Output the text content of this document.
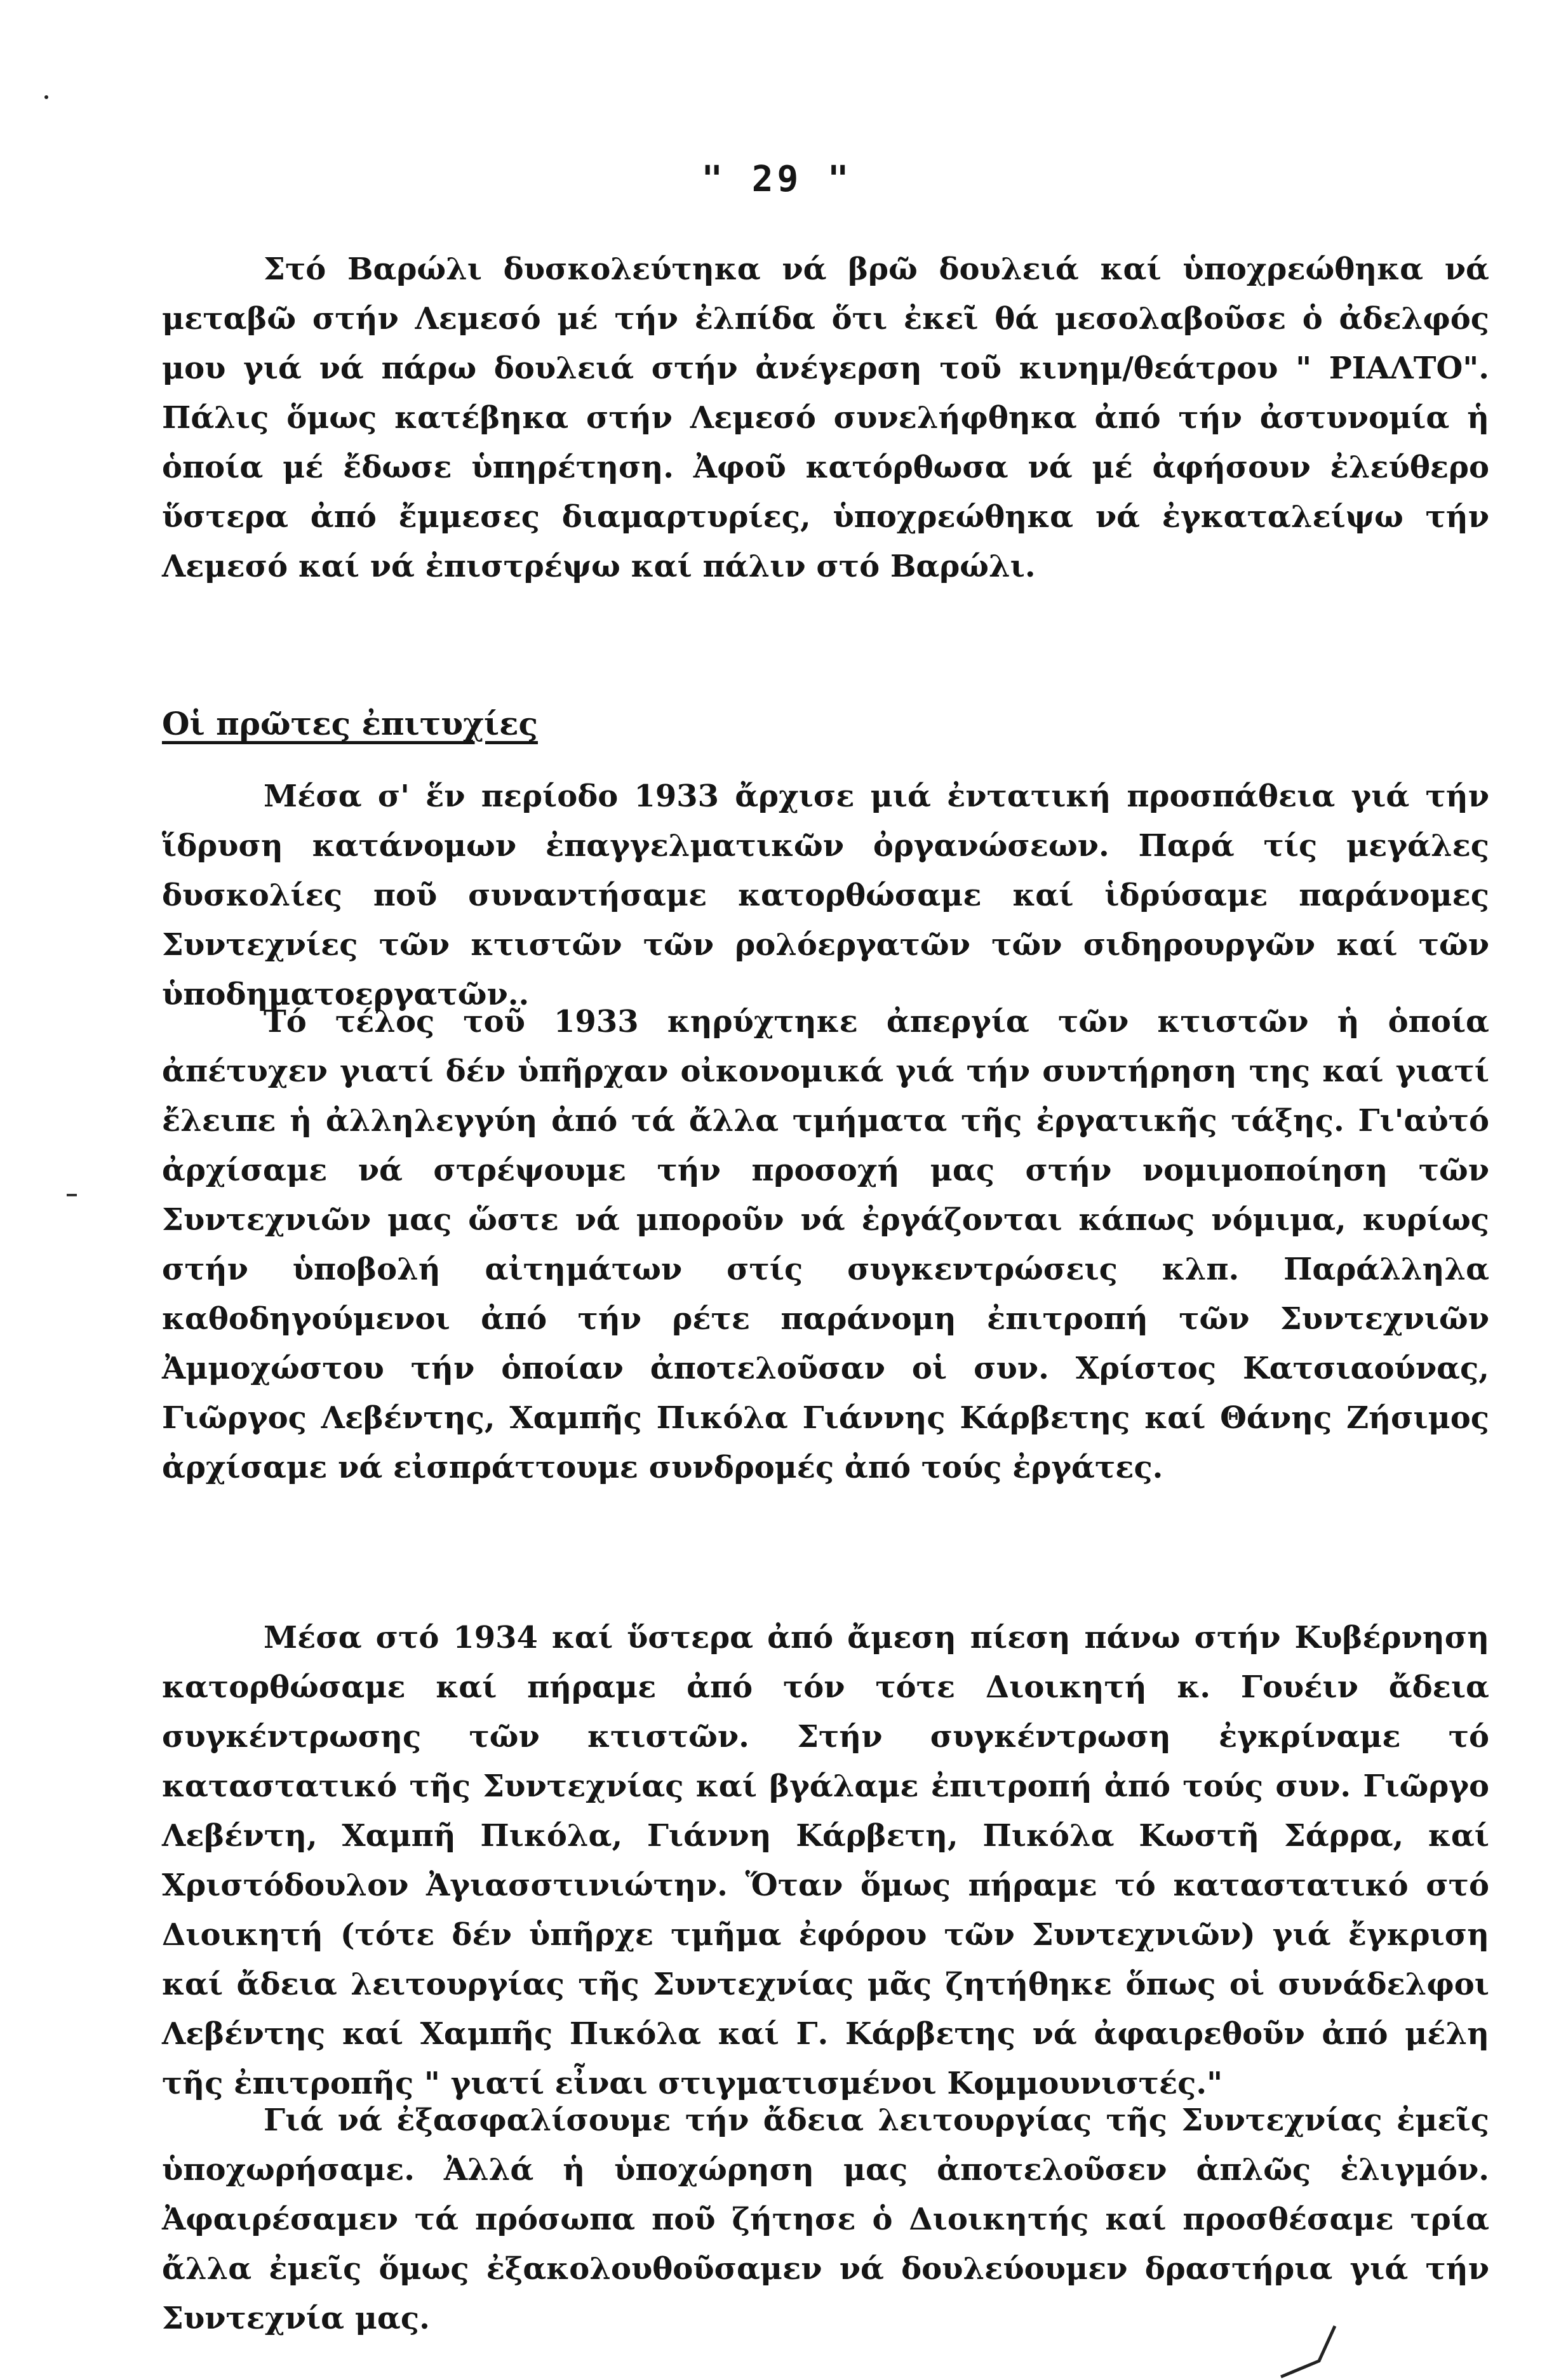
" 29 "
Στό Βαρώλι δυσκολεύτηκα νά βρῶ δουλειά καί ὑποχρεώθηκα νά μεταβῶ στήν Λεμεσό μέ τήν ἐλπίδα ὅτι ἐκεῖ θά μεσολαβοῦσε ὁ ἀδελφός μου γιά νά πάρω δουλειά στήν ἀνέγερση τοῦ κινημ/θεάτρου " ΡΙΑΛΤΟ". Πάλις ὅμως κατέβηκα στήν Λεμεσό συνελήφθηκα ἀπό τήν ἀστυνομία ἡ ὁποία μέ ἔδωσε ὑπηρέτηση. Ἀφοῦ κατόρθωσα νά μέ ἀφήσουν ἐλεύθερο ὕστερα ἀπό ἔμμεσες διαμαρτυρίες, ὑποχρεώθηκα νά ἐγκαταλείψω τήν Λεμεσό καί νά ἐπιστρέψω καί πάλιν στό Βαρώλι.
Οἱ πρῶτες ἐπιτυχίες
Μέσα σ' ἕν περίοδο 1933 ἄρχισε μιά ἐντατική προσπάθεια γιά τήν ἵδρυση κατάνομων ἐπαγγελματικῶν ὀργανώσεων. Παρά τίς μεγάλες δυσκολίες ποῦ συναντήσαμε κατορθώσαμε καί ἱδρύσαμε παράνομες Συντεχνίες τῶν κτιστῶν τῶν ρολόεργατῶν τῶν σιδηρουργῶν καί τῶν ὑποδηματοεργατῶν..
Τό τέλος τοῦ 1933 κηρύχτηκε ἀπεργία τῶν κτιστῶν ἡ ὁποία ἀπέτυχεν γιατί δέν ὑπῆρχαν οἰκονομικά γιά τήν συντήρηση της καί γιατί ἔλειπε ἡ ἀλληλεγγύη ἀπό τά ἄλλα τμήματα τῆς ἐργατικῆς τάξης. Γι'αὐτό ἀρχίσαμε νά στρέψουμε τήν προσοχή μας στήν νομιμοποίηση τῶν Συντεχνιῶν μας ὥστε νά μποροῦν νά ἐργάζονται κάπως νόμιμα, κυρίως στήν ὑποβολή αἰτημάτων στίς συγκεντρώσεις κλπ. Παράλληλα καθοδηγούμενοι ἀπό τήν ρέτε παράνομη ἐπιτροπή τῶν Συντεχνιῶν Ἀμμοχώστου τήν ὁποίαν ἀποτελοῦσαν οἱ συν. Χρίστος Κατσιαούνας, Γιῶργος Λεβέντης, Χαμπῆς Πικόλα Γιάννης Κάρβετης καί Θάνης Ζήσιμος ἀρχίσαμε νά εἰσπράττουμε συνδρομές ἀπό τούς ἐργάτες.
Μέσα στό 1934 καί ὕστερα ἀπό ἄμεση πίεση πάνω στήν Κυβέρνηση κατορθώσαμε καί πήραμε ἀπό τόν τότε Διοικητή κ. Γουέιν ἄδεια συγκέντρωσης τῶν κτιστῶν. Στήν συγκέντρωση ἐγκρίναμε τό καταστατικό τῆς Συντεχνίας καί βγάλαμε ἐπιτροπή ἀπό τούς συν. Γιῶργο Λεβέντη, Χαμπῆ Πικόλα, Γιάννη Κάρβετη, Πικόλα Κωστῆ Σάρρα, καί Χριστόδουλον Ἀγιασστινιώτην. Ὅταν ὅμως πήραμε τό καταστατικό στό Διοικητή (τότε δέν ὑπῆρχε τμῆμα ἐφόρου τῶν Συντεχνιῶν) γιά ἔγκριση καί ἄδεια λειτουργίας τῆς Συντεχνίας μᾶς ζητήθηκε ὅπως οἱ συνάδελφοι Λεβέντης καί Χαμπῆς Πικόλα καί Γ. Κάρβετης νά ἀφαιρεθοῦν ἀπό μέλη τῆς ἐπιτροπῆς " γιατί εἶναι στιγματισμένοι Κομμουνιστές."
Γιά νά ἐξασφαλίσουμε τήν ἄδεια λειτουργίας τῆς Συντεχνίας ἐμεῖς ὑποχωρήσαμε. Ἀλλά ἡ ὑποχώρηση μας ἀποτελοῦσεν ἁπλῶς ἑλιγμόν. Ἀφαιρέσαμεν τά πρόσωπα ποῦ ζήτησε ὁ Διοικητής καί προσθέσαμε τρία ἄλλα ἐμεῖς ὅμως ἐξακολουθοῦσαμεν νά δουλεύουμεν δραστήρια γιά τήν Συντεχνία μας.
